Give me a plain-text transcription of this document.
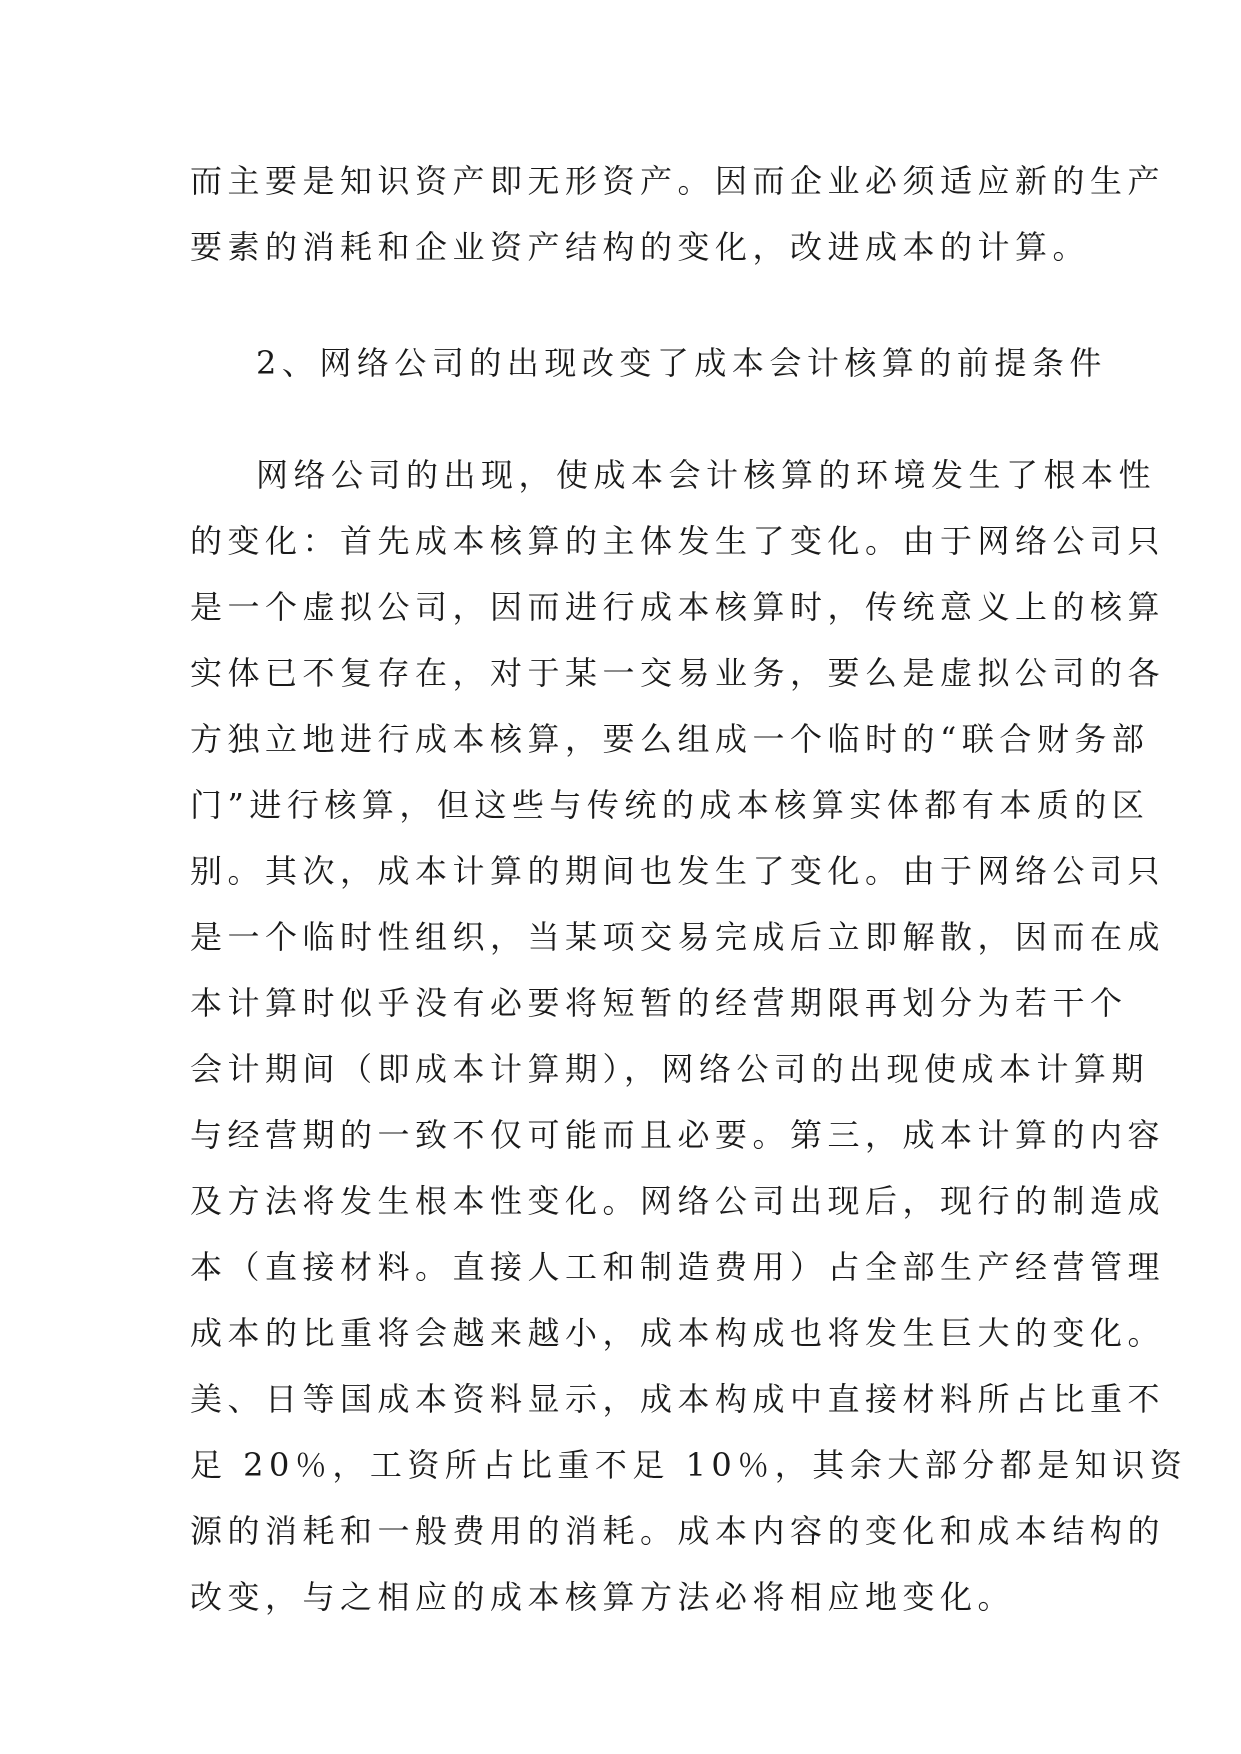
而主要是知识资产即无形资产。因而企业必须适应新的生产
要素的消耗和企业资产结构的变化，改进成本的计算。
2、网络公司的出现改变了成本会计核算的前提条件
网络公司的出现，使成本会计核算的环境发生了根本性
的变化：首先成本核算的主体发生了变化。由于网络公司只
是一个虚拟公司，因而进行成本核算时，传统意义上的核算
实体已不复存在，对于某一交易业务，要么是虚拟公司的各
方独立地进行成本核算，要么组成一个临时的“联合财务部
门”进行核算，但这些与传统的成本核算实体都有本质的区
别。其次，成本计算的期间也发生了变化。由于网络公司只
是一个临时性组织，当某项交易完成后立即解散，因而在成
本计算时似乎没有必要将短暂的经营期限再划分为若干个
会计期间（即成本计算期），网络公司的出现使成本计算期
与经营期的一致不仅可能而且必要。第三，成本计算的内容
及方法将发生根本性变化。网络公司出现后，现行的制造成
本（直接材料。直接人工和制造费用）占全部生产经营管理
成本的比重将会越来越小，成本构成也将发生巨大的变化。
美、日等国成本资料显示，成本构成中直接材料所占比重不
足 20％，工资所占比重不足 10％，其余大部分都是知识资
源的消耗和一般费用的消耗。成本内容的变化和成本结构的
改变，与之相应的成本核算方法必将相应地变化。
